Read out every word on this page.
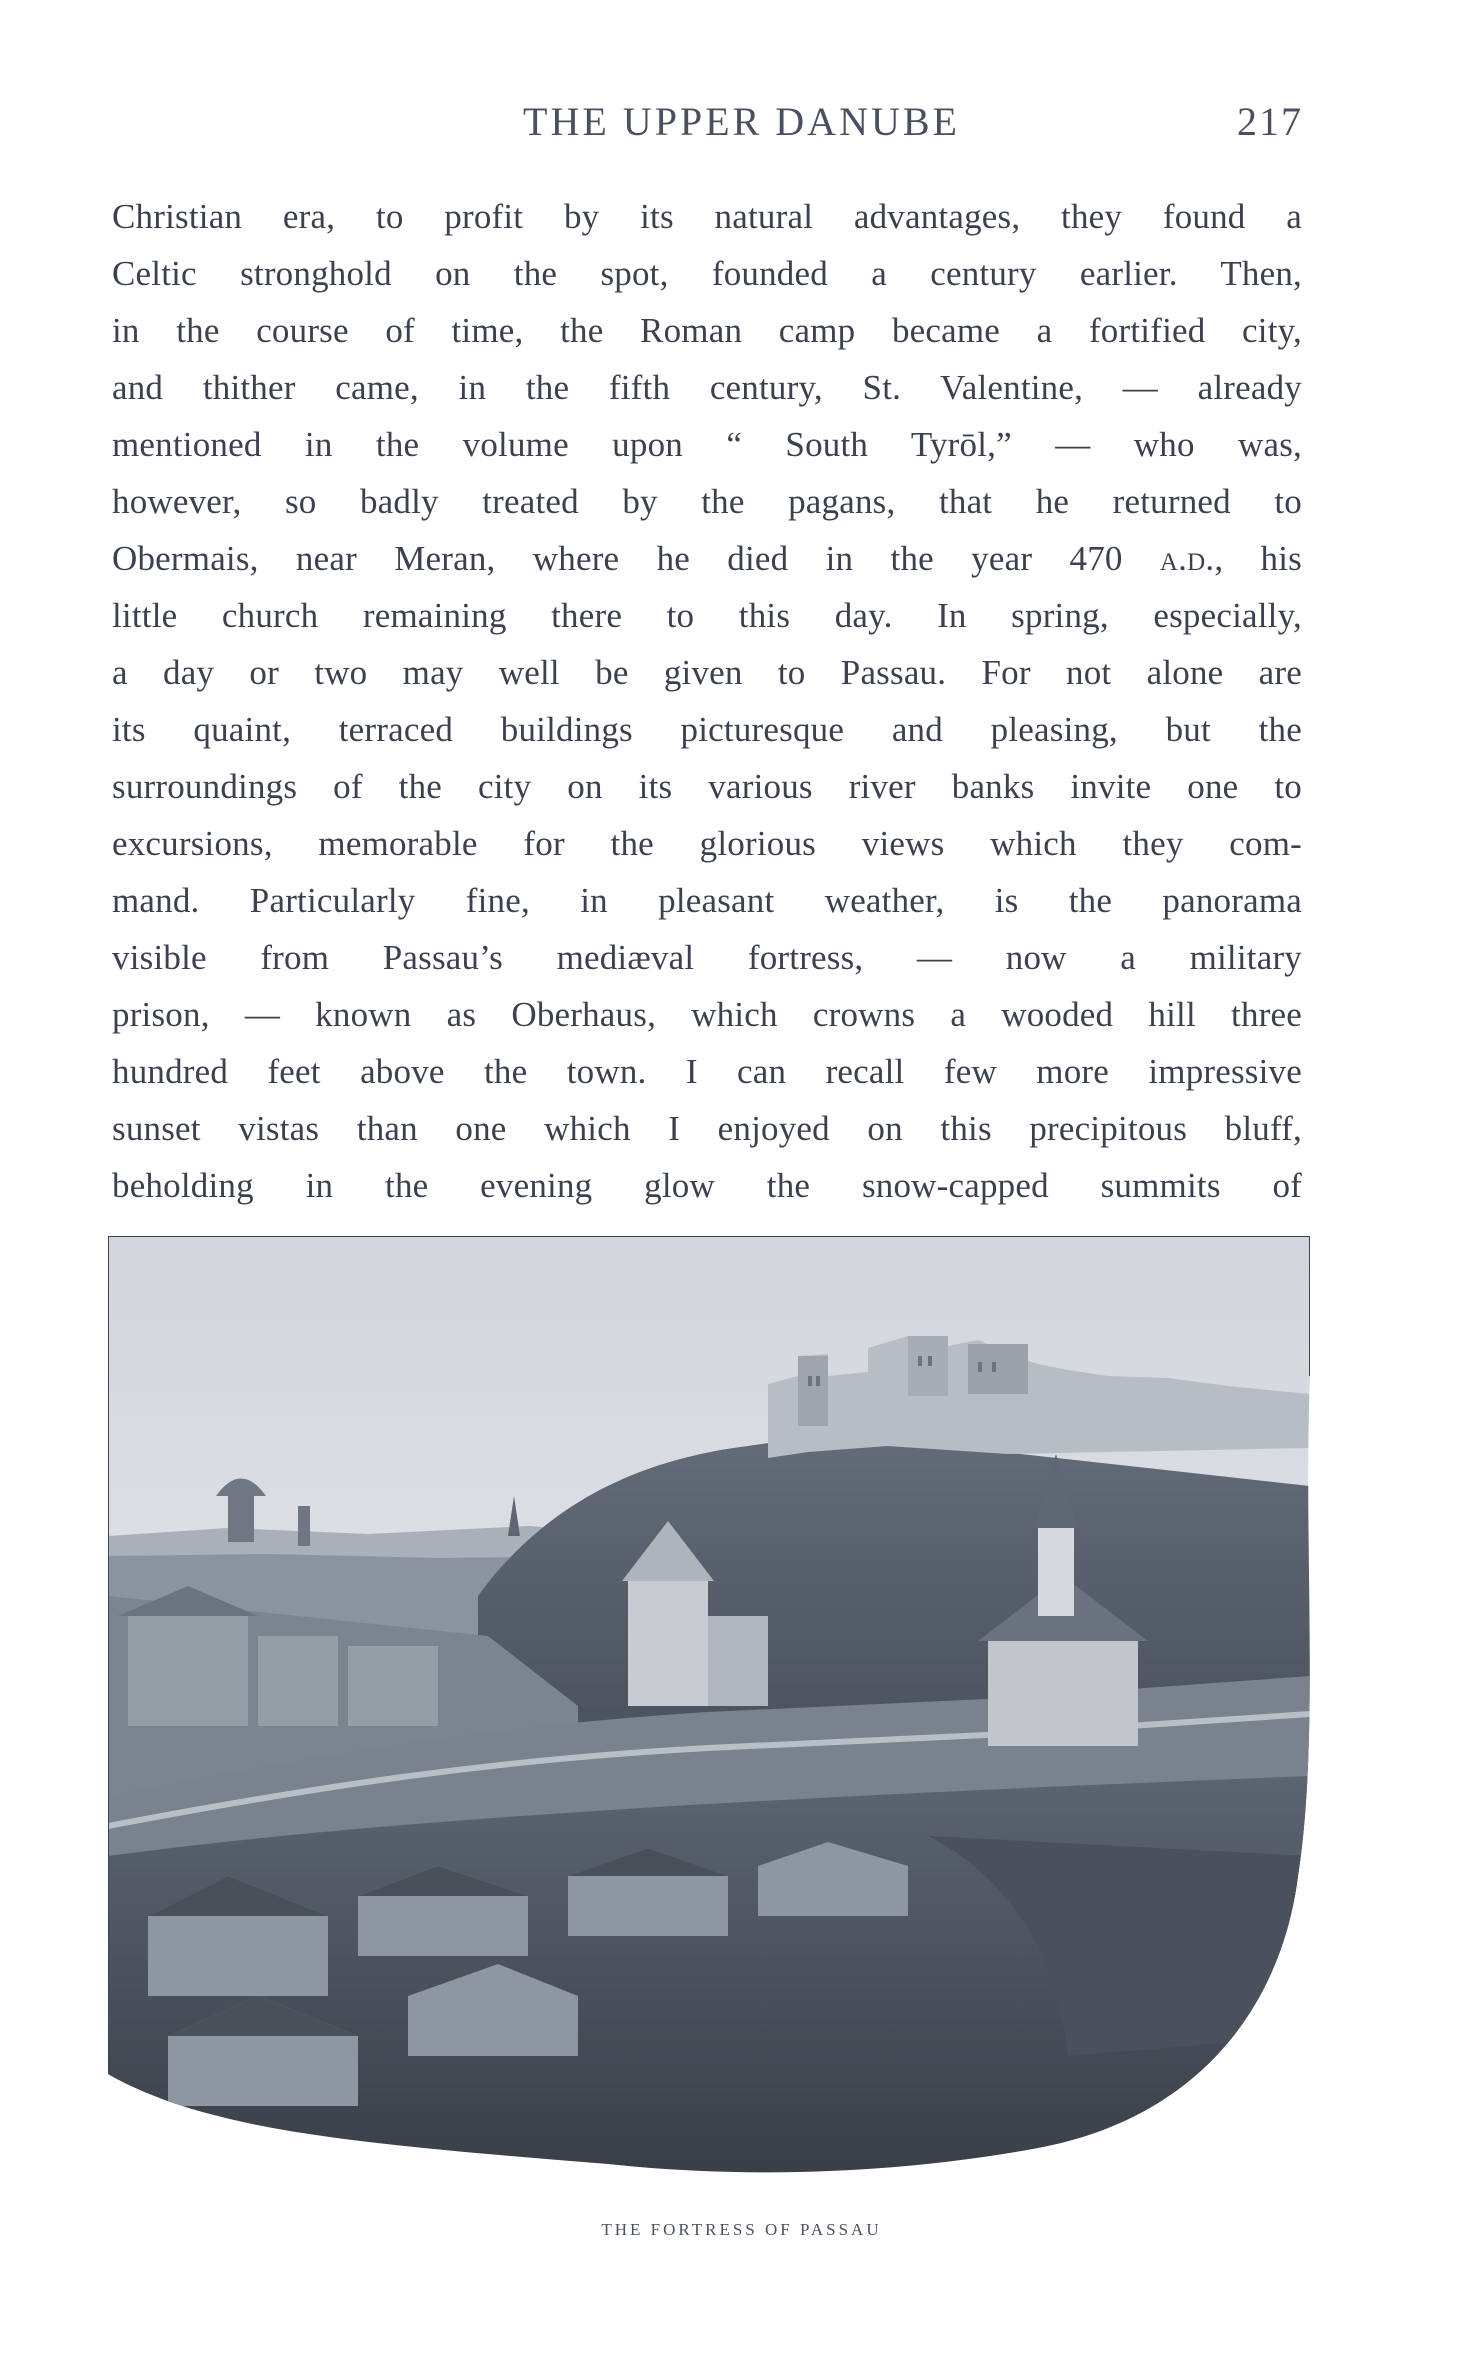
THE UPPER DANUBE	217
Christian era, to profit by its natural advantages, they found a
Celtic stronghold on the spot, founded a century earlier. Then,
in the course of time, the Roman camp became a fortified city,
and thither came, in the fifth century, St. Valentine, — already
mentioned in the volume upon “ South Tyrōl,” — who was,
however, so badly treated by the pagans, that he returned to
Obermais, near Meran, where he died in the year 470 a.d., his
little church remaining there to this day. In spring, especially,
a day or two may well be given to Passau. For not alone are
its quaint, terraced buildings picturesque and pleasing, but the
surroundings of the city on its various river banks invite one to
excursions, memorable for the glorious views which they com-
mand. Particularly fine, in pleasant weather, is the panorama
visible from Passau’s mediæval fortress, — now a military
prison, — known as Oberhaus, which crowns a wooded hill three
hundred feet above the town. I can recall few more impressive
sunset vistas than one which I enjoyed on this precipitous bluff,
beholding in the evening glow the snow-capped summits of
THE FORTRESS OF PASSAU
